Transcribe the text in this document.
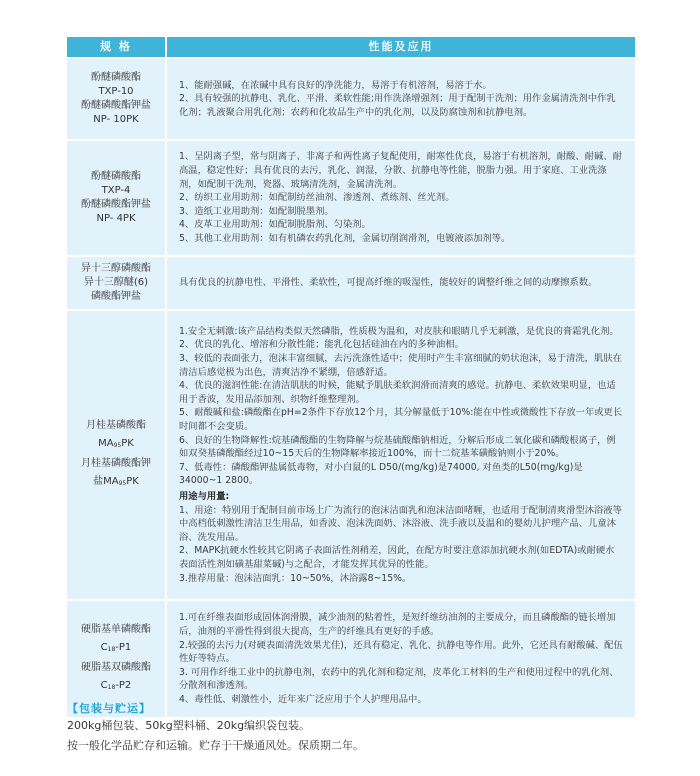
规 格	性能及应用
酚醚磷酸酯
TXP-10
酚醚磷酸酯钾盐
NP- 10PK

1、能耐强碱，在浓碱中具有良好的净洗能力，易溶于有机溶剂，易溶于水。

2、具有较强的抗静电、乳化、平滑、柔软性能;用作洗涤增强剂；用于配制干洗剂；用作金属清洗剂中作乳化剂；乳液聚合用乳化剂；农药和化妆品生产中的乳化剂，以及防腐蚀剂和抗静电剂。

酚醚磷酸酯
TXP-4
酚醚磷酸酯钾盐
NP- 4PK

1、呈阴离子型，常与阴离子、非离子和两性离子复配使用，耐寒性优良，易溶于有机溶剂，耐酸、耐碱、耐高温，稳定性好；具有优良的去污，乳化、润湿，分散、抗静电等性能，脱脂力强。用于家庭、工业洗涤剂，如配制干洗剂，瓷器、玻璃清洗剂，金属清洗剂。

2、纺织工业用助剂：如配制纺丝油剂、渗透剂、煮练剂、丝光剂。

3、造纸工业用助剂：如配制脱墨剂。

4、皮革工业用助剂：如配制脱脂剂、匀染剂。

5、其他工业用助剂：如有机磷农药乳化剂，金属切削润滑剂，电镀液添加剂等。

异十三醇磷酸酯
异十三醇醚(6)
磷酸酯钾盐

具有优良的抗静电性、平滑性、柔软性，可提高纤维的吸湿性，能较好的调整纤维之间的动摩擦系数。

月桂基磷酸酯
$MA_{95}PK$
月桂基磷酸酯钾
盐$MA_{95}PK$

1.安全无刺激:该产品结构类似天然磷脂，性质极为温和，对皮肤和眼睛几乎无刺激，是优良的膏霜乳化剂。

2、优良的乳化、增溶和分散性能；能乳化包括硅油在内的多种油相。

3、较低的表面张力，泡沫丰富细腻，去污洗涤性适中；使用时产生丰富细腻的奶状泡沫，易于清洗，肌肤在清洁后感觉极为出色，清爽洁净不紧绷，倍感舒适。

4、优良的滋润性能:在清洁肌肤的时候，能赋予肌肤柔软润滑而清爽的感觉。抗静电、柔软效果明显，也适用于香波，发用品添加剂、织物纤维整理剂。

5、耐酸碱和盐:磷酸酯在pH=2条件下存放12个月，其分解量低于10%:能在中性或微酸性下存放一年或更长时间都不会变质。

6、良好的生物降解性:烷基磷酸酯的生物降解与烷基硫酸酯钠相近，分解后形成二氧化碳和磷酸根离子，例如双癸基磷酸酯经过10~15天后的生物降解率接近100%，而十二烷基苯磺酸钠则小于20%。

7、低毒性：磷酸酯钾盐属低毒物，对小白鼠的L D50/(mg/kg)是74000, 对鱼类的L50(mg/kg)是34000~1 2800。

用途与用量:

1、用途：特别用于配制目前市场上广为流行的泡沫洁面乳和泡沫洁面啫喱，也适用于配制清爽滑型沐浴液等中高档低刺激性清洁卫生用品，如香波、泡沫洗面奶、沐浴液、洗手液以及温和的婴幼儿护理产品、儿童沐浴、洗发用品。

2、MAPK抗硬水性较其它阴离子表面活性剂稍差，因此，在配方时要注意添加抗硬水剂(如EDTA)或耐硬水表面活性剂如磺基甜菜碱)与之配合，才能发挥其优异的性能。

3.推荐用量：泡沫洁面乳：10~50%，沐浴露8~15%。

硬脂基单磷酸酯
$C_{18}-P1$
硬脂基双磷酸酯
$C_{18}-P2$

1.可在纤维表面形成固体润滑膜，减少油剂的粘着性，是短纤维纺油剂的主要成分，而且磷酸酯的链长增加后，油剂的平滑性得到很大提高，生产的纤维具有更好的手感。

2.较强的去污力(对硬表面清洗效果尤佳)，还具有稳定、乳化、抗静电等作用。此外，它还具有耐酸碱、配伍性好等特点。

3. 可用作纤维工业中的抗静电剂，农药中的乳化剂和稳定剂，皮革化工材料的生产和使用过程中的乳化剂、分散剂和渗透剂。

4、毒性低、刺激性小，近年来广泛应用于个人护理用品中。

【包装与贮运】
200kg桶包装、50kg塑料桶、20kg编织袋包装。
按一般化学品贮存和运输。贮存于干燥通风处。保质期二年。
